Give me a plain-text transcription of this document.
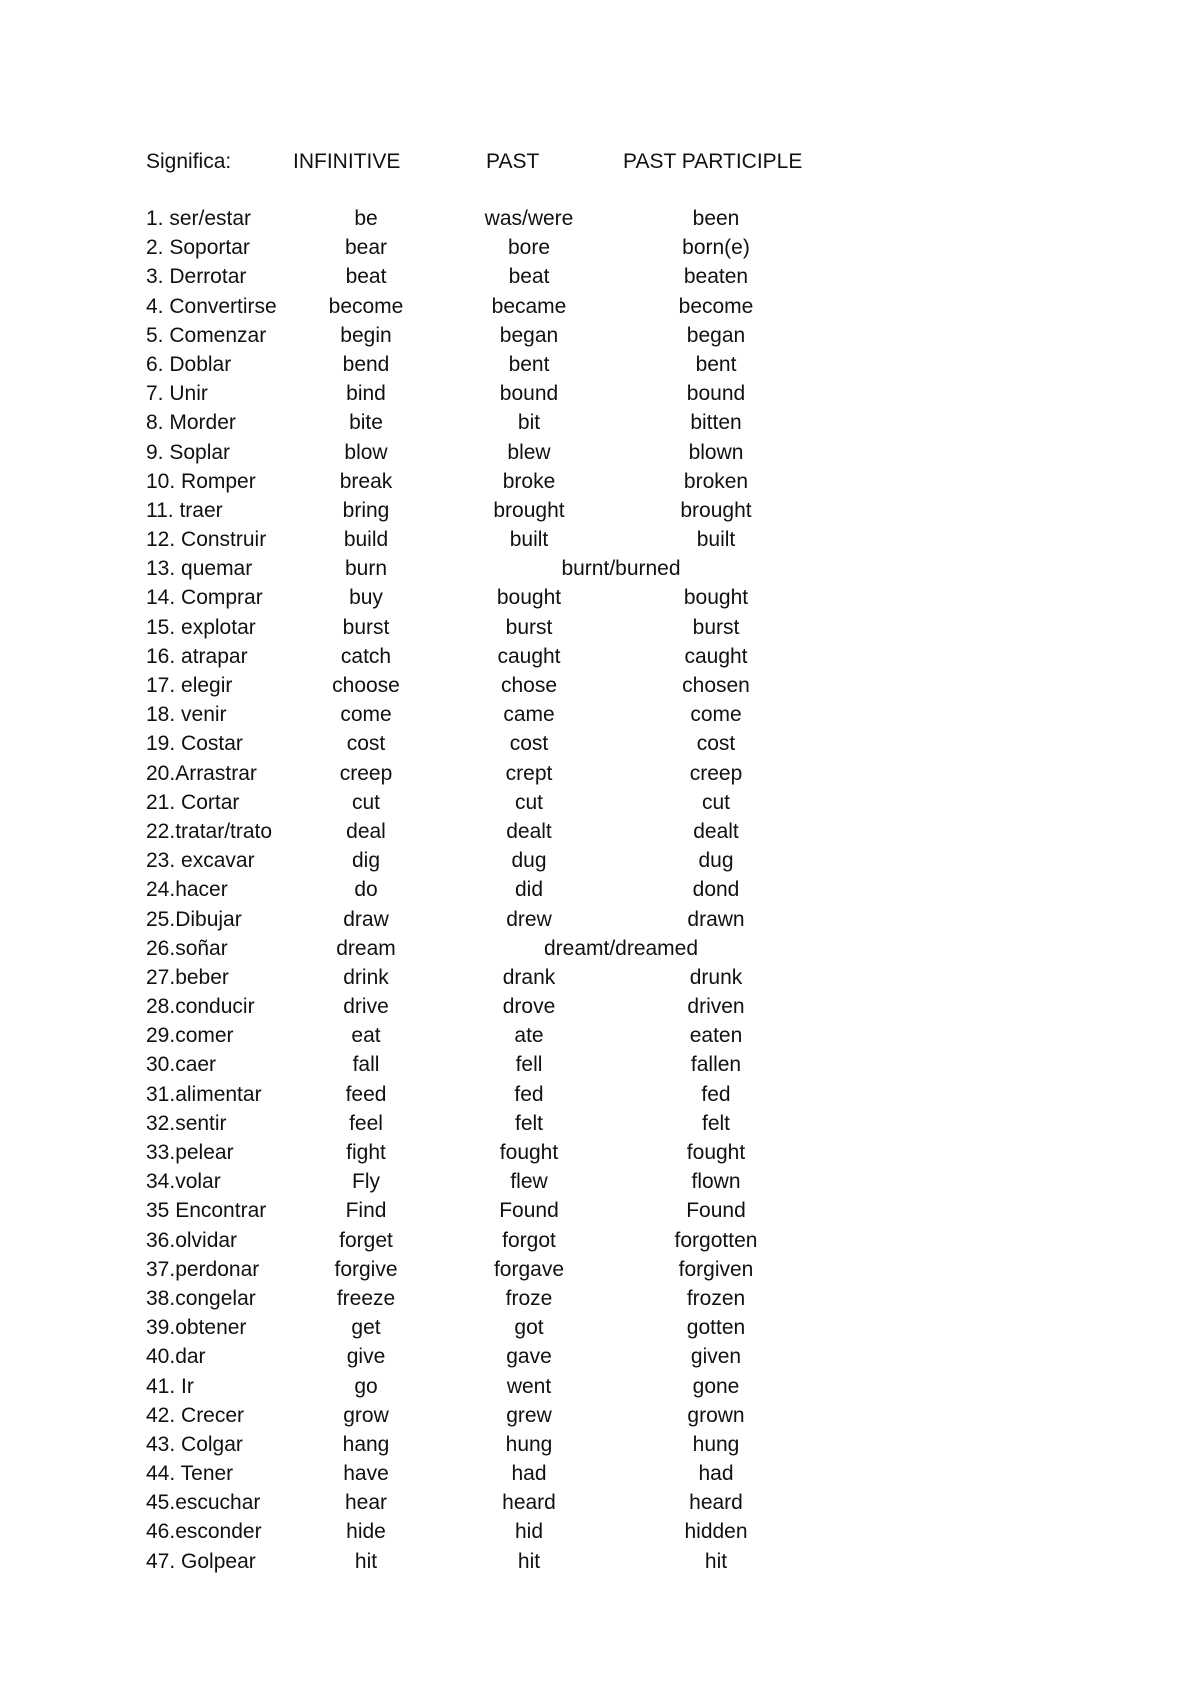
Significa:	INFINITIVE	PAST	PAST PARTICIPLE
1. ser/estar	be	was/were	been
2. Soportar	bear	bore	born(e)
3. Derrotar	beat	beat	beaten
4. Convertirse become	became	become
5. Comenzar	begin	began	began
6. Doblar	bend	bent	bent
7. Unir	bind	bound	bound
8. Morder	bite	bit	bitten
9. Soplar	blow	blew	blown
10. Romper	break	broke	broken
11. traer	bring	brought	brought
12. Construir	build	built	built
13. quemar	burn	burnt/burned
14. Comprar	buy	bought	bought
15. explotar	burst	burst	burst
16. atrapar	catch	caught	caught
17. elegir	choose	chose	chosen
18. venir	come	came	come
19. Costar	cost	cost	cost
20.Arrastrar	creep	crept	creep
21. Cortar	cut	cut	cut
22.tratar/trato	deal	dealt	dealt
23. excavar	dig	dug	dug
24.hacer	do	did	dond
25.Dibujar	draw	drew	drawn
26.soñar	dream	dreamt/dreamed
27.beber	drink	drank	drunk
28.conducir	drive	drove	driven
29.comer	eat	ate	eaten
30.caer	fall	fell	fallen
31.alimentar	feed	fed	fed
32.sentir	feel	felt	felt
33.pelear	fight	fought	fought
34.volar	Fly	flew	flown
35 Encontrar	Find	Found	Found
36.olvidar	forget	forgot	forgotten
37.perdonar	forgive	forgave	forgiven
38.congelar	freeze	froze	frozen
39.obtener	get	got	gotten
40.dar	give	gave	given
41. Ir	go	went	gone
42. Crecer	grow	grew	grown
43. Colgar	hang	hung	hung
44. Tener	have	had	had
45.escuchar	hear	heard	heard
46.esconder	hide	hid	hidden
47. Golpear	hit	hit	hit
